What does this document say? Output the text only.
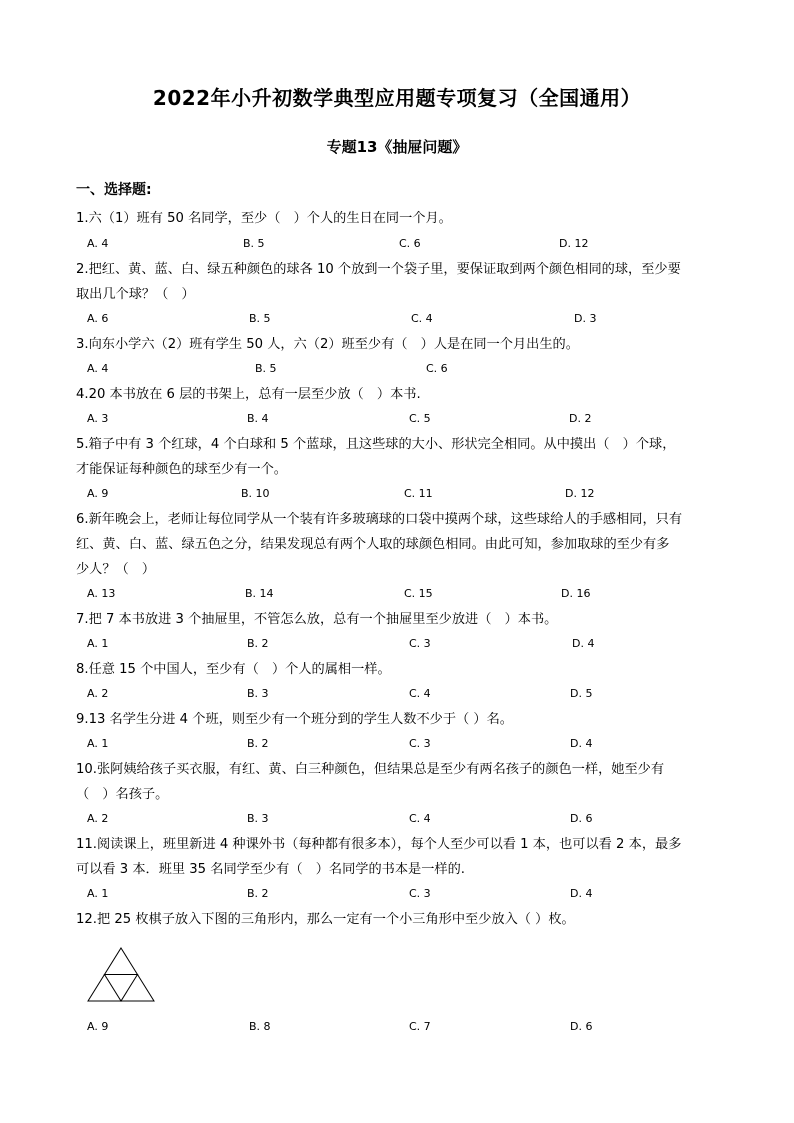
2022年小升初数学典型应用题专项复习（全国通用）
专题13《抽屉问题》
一、选择题:
1.六（1）班有 50 名同学，至少（　）个人的生日在同一个月。
A. 4	B. 5	C. 6	D. 12
2.把红、黄、蓝、白、绿五种颜色的球各 10 个放到一个袋子里，要保证取到两个颜色相同的球，至少要
取出几个球？（　）
A. 6	B. 5	C. 4	D. 3
3.向东小学六（2）班有学生 50 人，六（2）班至少有（　）人是在同一个月出生的。
A. 4	B. 5	C. 6
4.20 本书放在 6 层的书架上，总有一层至少放（　）本书.
A. 3	B. 4	C. 5	D. 2
5.箱子中有 3 个红球，4 个白球和 5 个蓝球，且这些球的大小、形状完全相同。从中摸出（　）个球，
才能保证每种颜色的球至少有一个。
A. 9	B. 10	C. 11	D. 12
6.新年晚会上，老师让每位同学从一个装有许多玻璃球的口袋中摸两个球，这些球给人的手感相同，只有
红、黄、白、蓝、绿五色之分，结果发现总有两个人取的球颜色相同。由此可知，参加取球的至少有多
少人？（　）
A. 13	B. 14	C. 15	D. 16
7.把 7 本书放进 3 个抽屉里，不管怎么放，总有一个抽屉里至少放进（　）本书。
A. 1	B. 2	C. 3	D. 4
8.任意 15 个中国人，至少有（　）个人的属相一样。
A. 2	B. 3	C. 4	D. 5
9.13 名学生分进 4 个班，则至少有一个班分到的学生人数不少于（ ）名。
A. 1	B. 2	C. 3	D. 4
10.张阿姨给孩子买衣服，有红、黄、白三种颜色，但结果总是至少有两名孩子的颜色一样，她至少有
（　）名孩子。
A. 2	B. 3	C. 4	D. 6
11.阅读课上，班里新进 4 种课外书（每种都有很多本），每个人至少可以看 1 本，也可以看 2 本，最多
可以看 3 本．班里 35 名同学至少有（　）名同学的书本是一样的.
A. 1	B. 2	C. 3	D. 4
12.把 25 枚棋子放入下图的三角形内，那么一定有一个小三角形中至少放入（ ）枚。
A. 9	B. 8	C. 7	D. 6
